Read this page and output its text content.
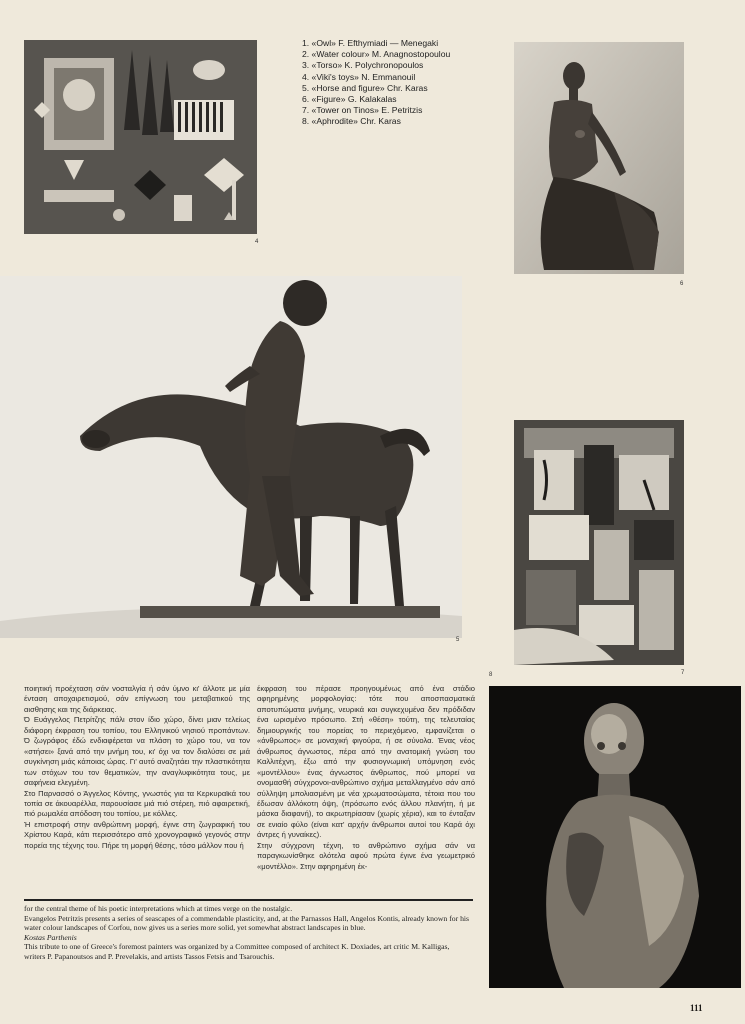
4
1. «Owl» F. Efthymiadi — Menegaki
2. «Water colour» M. Anagnostopoulou
3. «Torso» K. Polychronopoulos
4. «Viki's toys» N. Emmanouil
5. «Horse and figure» Chr. Karas
6. «Figure» G. Kalakalas
7. «Tower on Tinos» E. Petritzis
8. «Aphrodite» Chr. Karas
6
5
7
8

ποιητική προέχταση σάν νοσταλγία ή σάν ύμνο κι' άλλοτε με μία ένταση αποχαιρετισμού, σάν επίγνωση του μεταβατικού της αισθησης και της διάρκειας.

Ό Ευάγγελος Πετρίτζης πάλι στον ίδιο χώρο, δίνει μιαν τελείως διάφορη έκφραση του τοπίου, του Ελληνικού νησιού προπάντων. Ό ζωγράφος έδώ ενδιαφέρεται να πλάση το χώρο του, να τον «στήσει» ξανά από την μνήμη του, κι' όχι να τον διαλύσει σε μιά συγκίνηση μιάς κάποιας ώρας. Γι' αυτό αναζητάει την πλαστικότητα των στόχων του τον θεματικών, την αναγλυφικότητα τους, με σαφήνεια ελεγμένη.

Στο Παρνασσό ο Άγγελος Κόντης, γνωστός για τα Κερκυραϊκά του τοπία σε άκουαρέλλα, παρουσίασε μιά πιό στέρεη, πιό αφαιρετική, πιό ρωμαλέα απόδοση του τοπίου, με κόλλες.

Ή επιστροφή στην ανθρώπινη μορφή, έγινε στη ζωγραφική του Χρίστου Καρά, κάτι περισσότερο από χρονογραφικό γεγονός στην πορεία της τέχνης του. Πήρε τη μορφή θέσης, τόσο μάλλον που ή

έκφραση του πέρασε προηγουμένως από ένα στάδιο αφηρημένης μορφολογίας: τότε που αποσπασματικά αποτυπώματα μνήμης, νευρικά και συγκεχυμένα δεν πρόδιδαν ένα ωρισμένο πρόσωπο. Στή «θέση» τούτη, της τελευταίας δημιουργικής του πορείας το περιεχόμενο, εμφανίζεται ο «άνθρωπος» σε μοναχική φιγούρα, ή σε σύνολα. Ένας νέος άνθρωπος άγνωστος, πέρα από την ανατομική γνώση του Καλλιτέχνη, έξω από την φυσιογνωμική υπόμνηση ενός «μοντέλλου» ένας άγνωστος άνθρωπος, πού μπορεί να ονομασθή σύγχρονοι-ανθρώπινο σχήμα μεταλλαγμένο σάν από σύλληψη μπολιασμένη με νέα χρωματοσώματα, τέτοια που του έδωσαν άλλόκοτη όψη, (πρόσωπο ενός άλλου πλανήτη, ή με μάσκα διαφανή), το ακρωτηρίασαν (χωρίς χέρια), και το ένταξαν σε ενιαίο φύλο (είναι κατ' αρχήν άνθρωποι αυτοί του Καρά όχι άντρες ή γυναίκες).

Στην σύγχρονη τέχνη, το ανθρώπινο σχήμα σάν να παραγκωνίσθηκε ολότελα αφού πρώτα έγινε ένα γεωμετρικό «μοντέλλο». Στην αφηρημένη έκ-

for the central theme of his poetic interpretations which at times verge on the nostalgic.

Evangelos Petritzis presents a series of seascapes of a commendable plasticity, and, at the Parnassos Hall, Angelos Kontis, already known for his water colour landscapes of Corfou, now gives us a series more solid, yet somewhat abstract landscapes in blue.

Kostas Parthenis

This tribute to one of Greece's foremost painters was organized by a Committee composed of architect K. Doxiades, art critic M. Kalligas, writers P. Papanoutsos and P. Prevelakis, and artists Tassos Fetsis and Tsarouchis.

111
